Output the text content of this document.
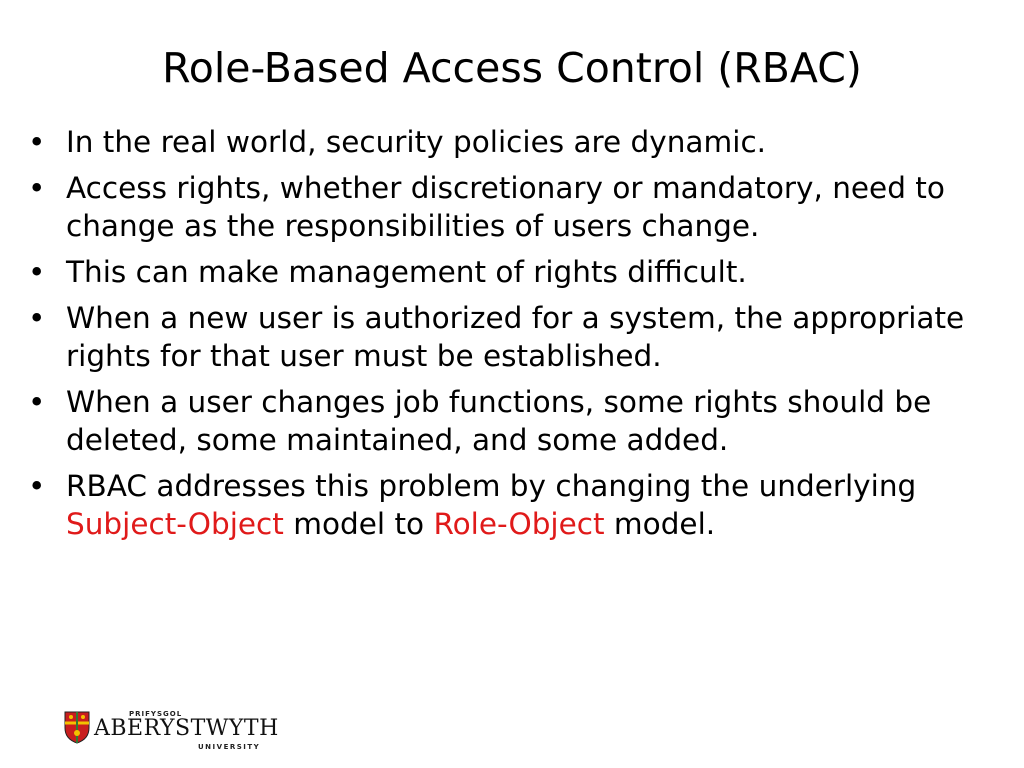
Role-Based Access Control (RBAC)
• In the real world, security policies are dynamic.
• Access rights, whether discretionary or mandatory, need to change as the responsibilities of users change.
• This can make management of rights difficult.
• When a new user is authorized for a system, the appropriate rights for that user must be established.
• When a user changes job functions, some rights should be deleted, some maintained, and some added.
• RBAC addresses this problem by changing the underlying Subject-Object model to Role-Object model.
PRIFYSGOL
ABERYSTWYTH
UNIVERSITY
